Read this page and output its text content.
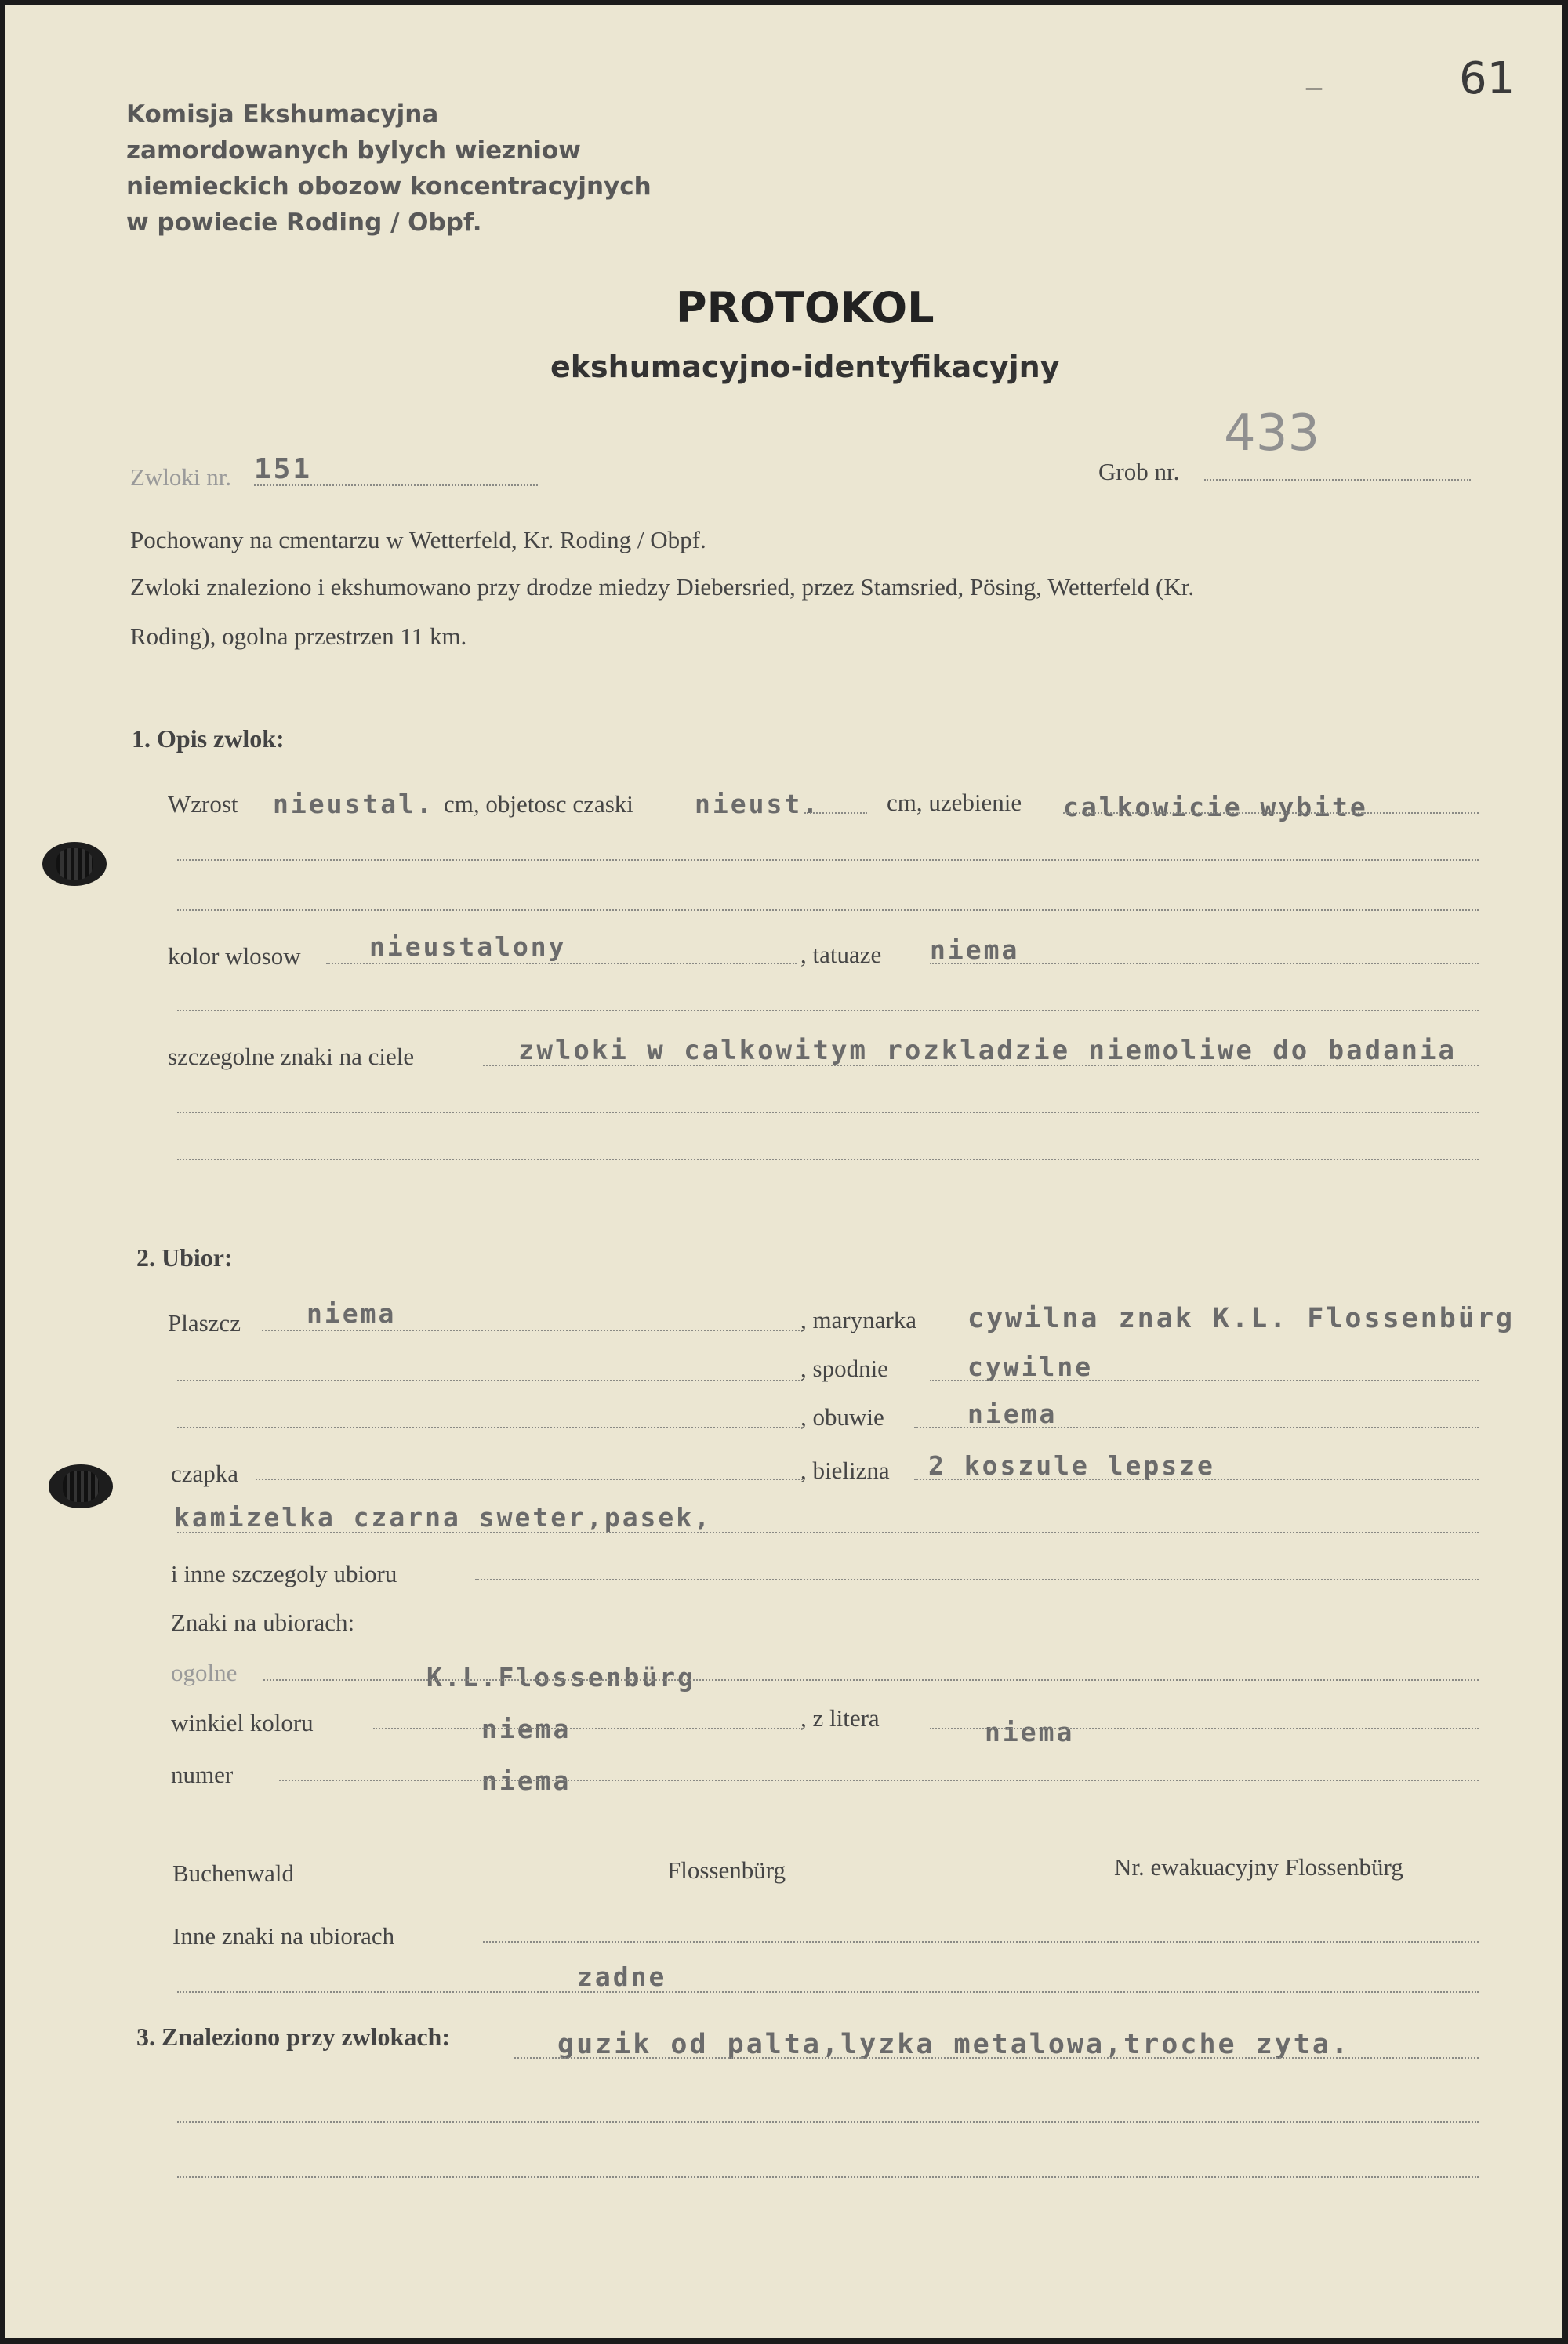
–	61
Komisja Ekshumacyjna
zamordowanych bylych wiezniow
niemieckich obozow koncentracyjnych
w powiecie Roding / Obpf.
PROTOKOL
ekshumacyjno-identyfikacyjny
Zwloki nr. 151	Grob nr.
433
Pochowany na cmentarzu w Wetterfeld, Kr. Roding / Obpf.
Zwloki znaleziono i ekshumowano przy drodze miedzy Diebersried, przez Stamsried, Pösing, Wetterfeld (Kr.
Roding), ogolna przestrzen 11 km.
1. Opis zwlok:
Wzrost nieustal. cm, objetosc czaski nieust.	cm, uzebienie calkowicie wybite
kolor wlosow	nieustalony	, tatuaze niema
szczegolne znaki na ciele	zwloki w calkowitym rozkladzie niemoliwe do badania
2. Ubior:
Plaszcz	niema	, marynarka cywilna znak K.L. Flossenbürg
, spodnie	cywilne
, obuwie	niema
czapka	, bielizna 2 koszule lepsze
kamizelka czarna sweter,pasek,
i inne szczegoly ubioru
Znaki na ubiorach:
ogolne	K.L.Flossenbürg
winkiel koloru	niema	, z litera	niema
numer	niema
Buchenwald	Flossenbürg	Nr. ewakuacyjny Flossenbürg
Inne znaki na ubiorach
zadne
3. Znaleziono przy zwlokach:	guzik od palta,lyzka metalowa,troche zyta.
